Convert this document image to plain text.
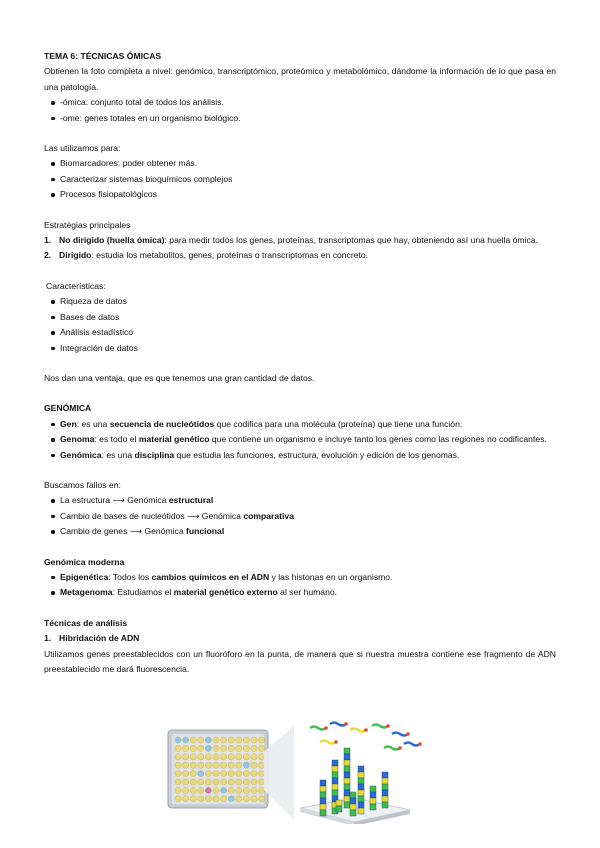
TEMA 6: TÉCNICAS ÓMICAS

Obtienen la foto completa a nivel: genómico, transcriptómico, proteómico y metabolómico, dándome la información de lo que pasa en una patología.

-ómica: conjunto total de todos los análisis.
-ome: genes totales en un organismo biológico.

Las utilizamos para:

Biomarcadores: poder obtener más.
Caracterizar sistemas bioquímicos complejos
Procesos fisiopatológicos

Estratégias principales

1. No dirigido (huella ómica): para medir todos los genes, proteínas, transcriptomas que hay, obteniendo así una huella ómica.
2. Dirigido: estudia los metabolitos, genes, proteínas o transcriptomas en concreto.

Características:

Riqueza de datos
Bases de datos
Análisis estadístico
Integración de datos

Nos dan una ventaja, que es que tenemos una gran cantidad de datos.

GENÓMICA

Gen: es una secuencia de nucleótidos que codifica para una molécula (proteína) que tiene una función.
Genoma: es todo el material genético que contiene un organismo e incluye tanto los genes como las regiones no codificantes.
Genómica: es una disciplina que estudia las funciones, estructura, evolución y edición de los genomas.

Buscamos fallos en:

La estructura ⟶ Genómica estructural
Cambio de bases de nucleótidos ⟶ Genómica comparativa
Cambio de genes ⟶ Genómica funcional

Genómica moderna

Epigenética: Todos los cambios químicos en el ADN y las histonas en un organismo.
Metagenoma: Estudiamos el material genético externo al ser humano.

Técnicas de análisis

1. Hibridación de ADN

Utilizamos genes preestablecidos con un fluoróforo en la punta, de manera que si nuestra muestra contiene ese fragmento de ADN preestablecido me dará fluorescencia.
